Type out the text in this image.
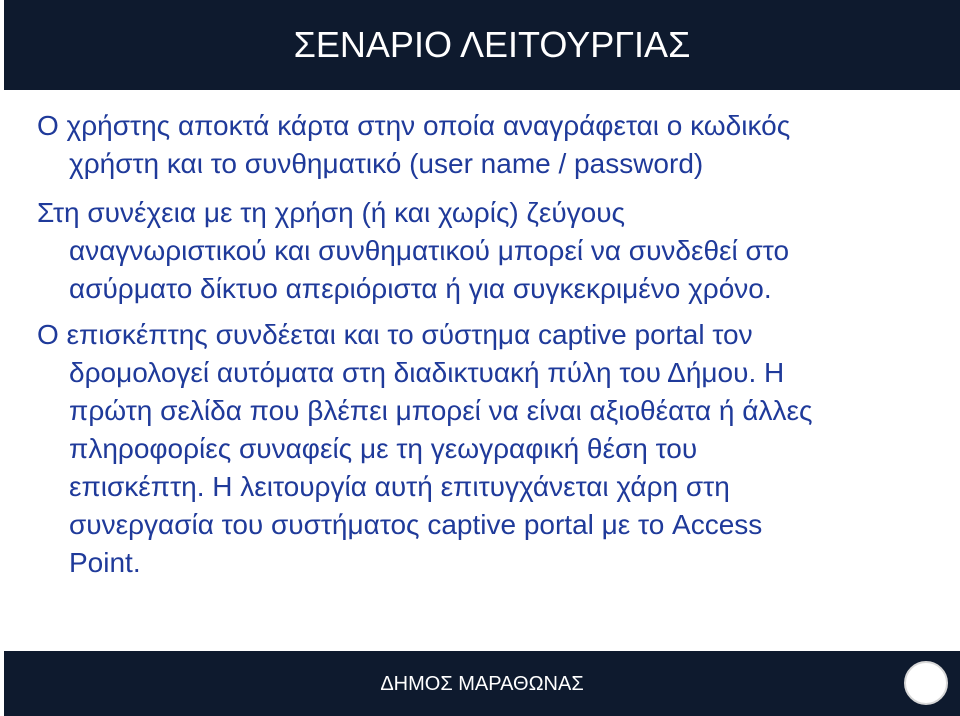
ΣΕΝΑΡΙΟ ΛΕΙΤΟΥΡΓΙΑΣ

Ο χρήστης αποκτά κάρτα στην οποία αναγράφεται ο κωδικός
χρήστη και το συνθηματικό (user name / password)

Στη συνέχεια με τη χρήση (ή και χωρίς) ζεύγους
αναγνωριστικού και συνθηματικού μπορεί να συνδεθεί στο
ασύρματο δίκτυο απεριόριστα ή για συγκεκριμένο χρόνο.

Ο επισκέπτης συνδέεται και το σύστημα captive portal τον
δρομολογεί αυτόματα στη διαδικτυακή πύλη του Δήμου. Η
πρώτη σελίδα που βλέπει μπορεί να είναι αξιοθέατα ή άλλες
πληροφορίες συναφείς με τη γεωγραφική θέση του
επισκέπτη. Η λειτουργία αυτή επιτυγχάνεται χάρη στη
συνεργασία του συστήματος captive portal με το Access
Point.

ΔΗΜΟΣ ΜΑΡΑΘΩΝΑΣ
